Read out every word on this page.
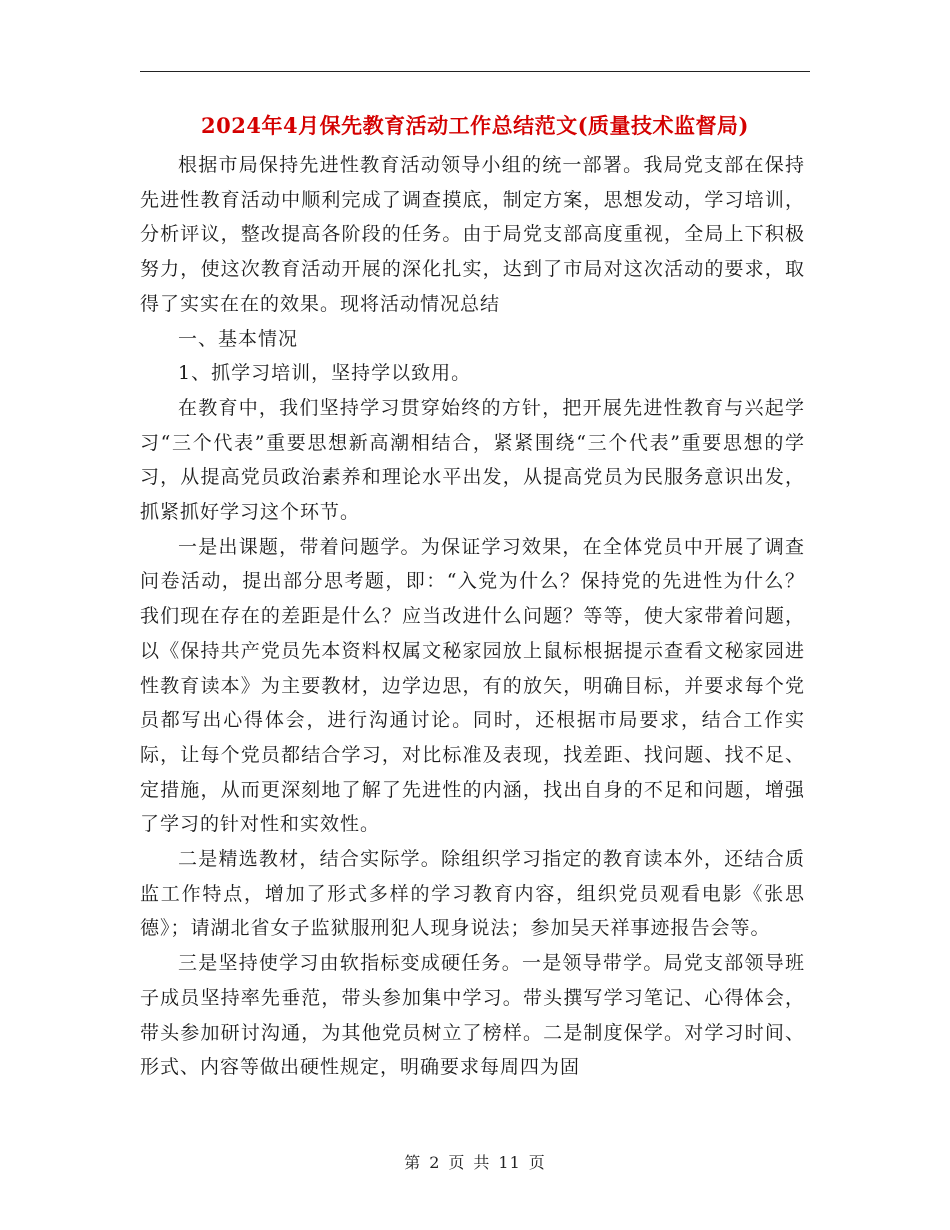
2024年4月保先教育活动工作总结范文(质量技术监督局)

根据市局保持先进性教育活动领导小组的统一部署。我局党支部在保持先进性教育活动中顺利完成了调查摸底，制定方案，思想发动，学习培训，分析评议，整改提高各阶段的任务。由于局党支部高度重视，全局上下积极努力，使这次教育活动开展的深化扎实，达到了市局对这次活动的要求，取得了实实在在的效果。现将活动情况总结

一、基本情况

1、抓学习培训，坚持学以致用。

在教育中，我们坚持学习贯穿始终的方针，把开展先进性教育与兴起学习“三个代表”重要思想新高潮相结合，紧紧围绕“三个代表”重要思想的学习，从提高党员政治素养和理论水平出发，从提高党员为民服务意识出发，抓紧抓好学习这个环节。

一是出课题，带着问题学。为保证学习效果，在全体党员中开展了调查问卷活动，提出部分思考题，即：“入党为什么？保持党的先进性为什么？我们现在存在的差距是什么？应当改进什么问题？等等，使大家带着问题，以《保持共产党员先本资料权属文秘家园放上鼠标根据提示查看文秘家园进性教育读本》为主要教材，边学边思，有的放矢，明确目标，并要求每个党员都写出心得体会，进行沟通讨论。同时，还根据市局要求，结合工作实际，让每个党员都结合学习，对比标准及表现，找差距、找问题、找不足、定措施，从而更深刻地了解了先进性的内涵，找出自身的不足和问题，增强了学习的针对性和实效性。

二是精选教材，结合实际学。除组织学习指定的教育读本外，还结合质监工作特点，增加了形式多样的学习教育内容，组织党员观看电影《张思德》；请湖北省女子监狱服刑犯人现身说法；参加吴天祥事迹报告会等。

三是坚持使学习由软指标变成硬任务。一是领导带学。局党支部领导班子成员坚持率先垂范，带头参加集中学习。带头撰写学习笔记、心得体会，带头参加研讨沟通，为其他党员树立了榜样。二是制度保学。对学习时间、形式、内容等做出硬性规定，明确要求每周四为固

第 2 页 共 11 页
